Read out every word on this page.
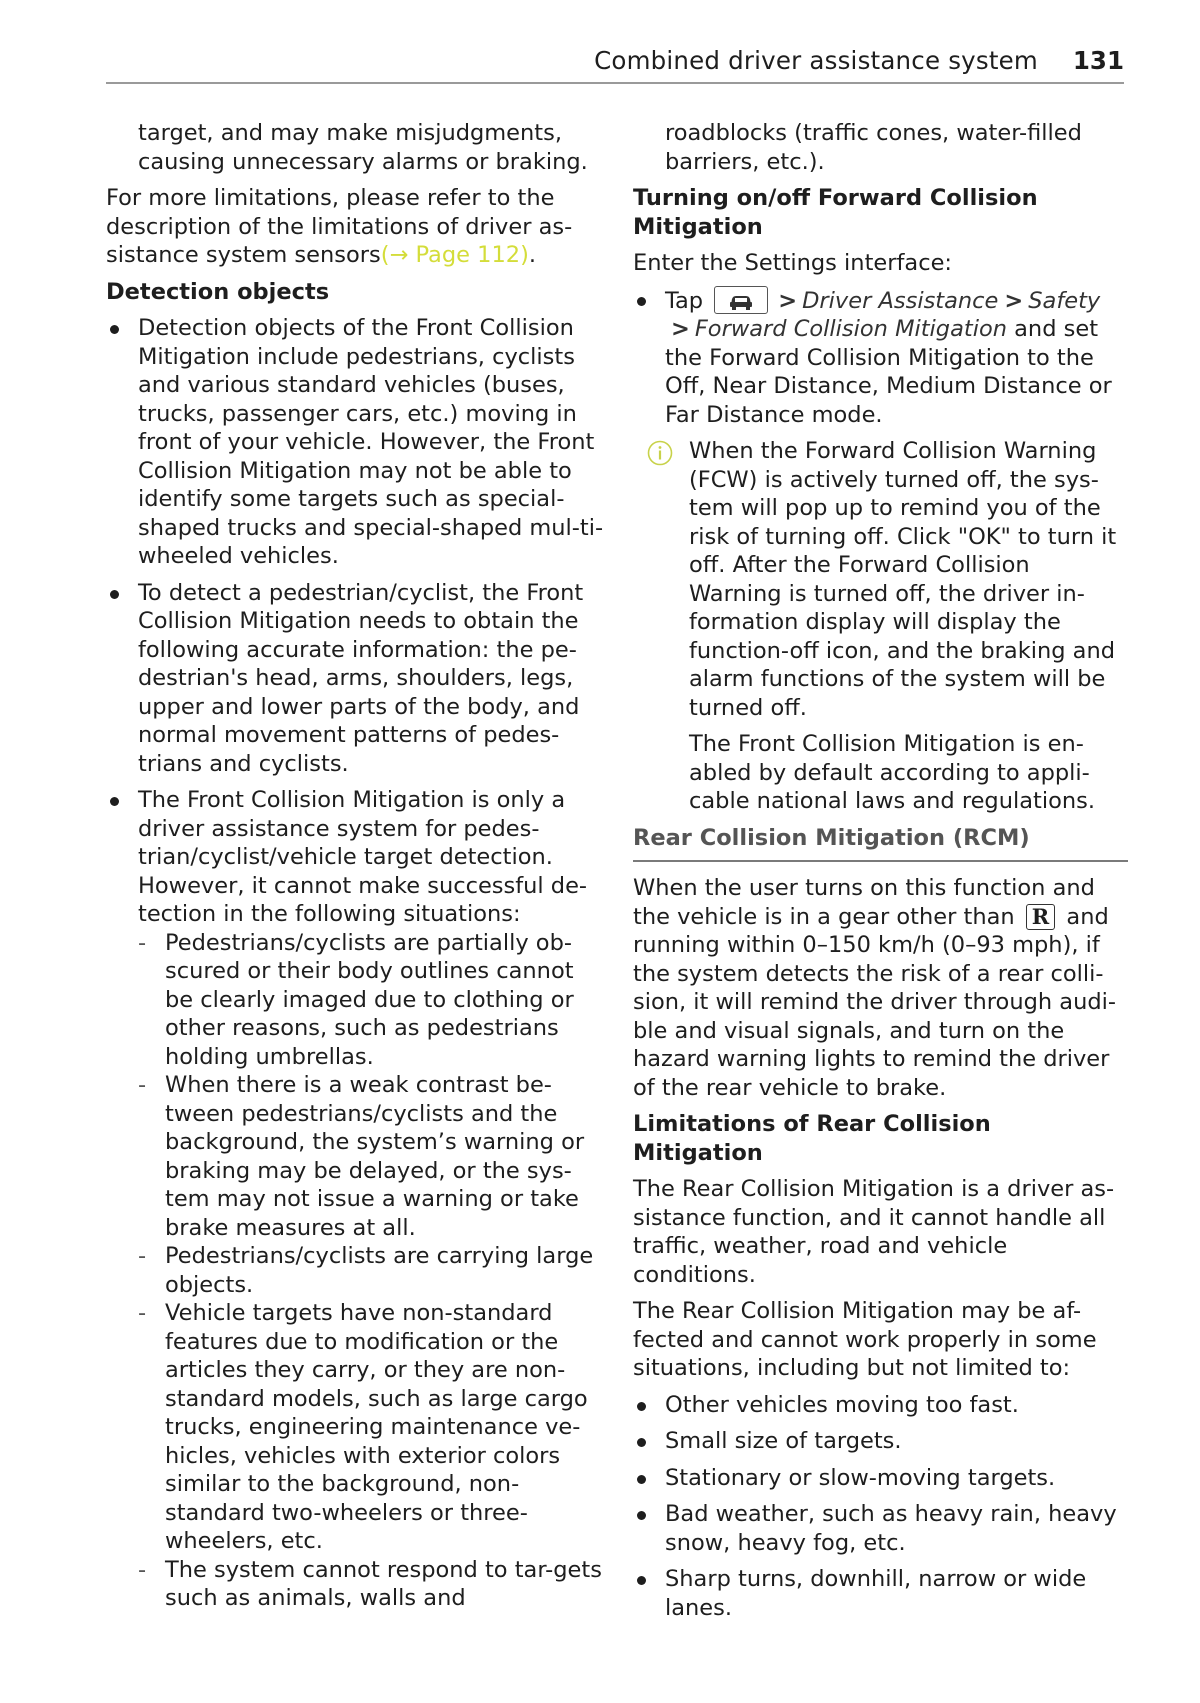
Combined driver assistance system 131

target, and may make misjudgments, causing unnecessary alarms or braking.

For more limitations, please refer to the description of the limitations of driver as-sistance system sensors(→ Page 112).

Detection objects
Detection objects of the Front Collision Mitigation include pedestrians, cyclists and various standard vehicles (buses, trucks, passenger cars, etc.) moving in front of your vehicle. However, the Front Collision Mitigation may not be able to identify some targets such as special-shaped trucks and special-shaped mul-ti-wheeled vehicles.
To detect a pedestrian/cyclist, the Front Collision Mitigation needs to obtain the following accurate information: the pe-destrian's head, arms, shoulders, legs, upper and lower parts of the body, and normal movement patterns of pedes-trians and cyclists.
The Front Collision Mitigation is only a driver assistance system for pedes-trian/cyclist/vehicle target detection. However, it cannot make successful de-tection in the following situations:
- Pedestrians/cyclists are partially ob-scured or their body outlines cannot be clearly imaged due to clothing or other reasons, such as pedestrians holding umbrellas.
- When there is a weak contrast be-tween pedestrians/cyclists and the background, the system’s warning or braking may be delayed, or the sys-tem may not issue a warning or take brake measures at all.
- Pedestrians/cyclists are carrying large objects.
- Vehicle targets have non-standard features due to modification or the articles they carry, or they are non-standard models, such as large cargo trucks, engineering maintenance ve-hicles, vehicles with exterior colors similar to the background, non-standard two-wheelers or three-wheelers, etc.
- The system cannot respond to tar-gets such as animals, walls and

roadblocks (traffic cones, water-filled barriers, etc.).

Turning on/off Forward Collision Mitigation

Enter the Settings interface:

Tap	> Driver Assistance > Safety > Forward Collision Mitigation and set the Forward Collision Mitigation to the Off, Near Distance, Medium Distance or Far Distance mode.

When the Forward Collision Warning (FCW) is actively turned off, the sys-tem will pop up to remind you of the risk of turning off. Click "OK" to turn it off. After the Forward Collision Warning is turned off, the driver in-formation display will display the function-off icon, and the braking and alarm functions of the system will be turned off.

The Front Collision Mitigation is en-abled by default according to appli-cable national laws and regulations.

Rear Collision Mitigation (RCM)

When the user turns on this function and the vehicle is in a gear other than R and running within 0–150 km/h (0–93 mph), if the system detects the risk of a rear colli-sion, it will remind the driver through audi-ble and visual signals, and turn on the hazard warning lights to remind the driver of the rear vehicle to brake.

Limitations of Rear Collision Mitigation

The Rear Collision Mitigation is a driver as-sistance function, and it cannot handle all traffic, weather, road and vehicle conditions.

The Rear Collision Mitigation may be af-fected and cannot work properly in some situations, including but not limited to:

Other vehicles moving too fast.
Small size of targets.
Stationary or slow-moving targets.
Bad weather, such as heavy rain, heavy snow, heavy fog, etc.
Sharp turns, downhill, narrow or wide lanes.
